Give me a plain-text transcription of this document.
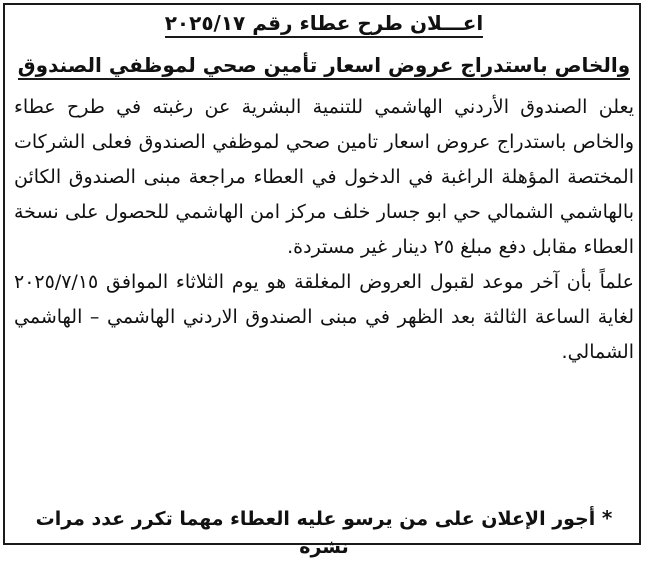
اعـــلان طرح عطاء رقم ٢٠٢٥/١٧
والخاص باستدراج عروض اسعار تأمين صحي لموظفي الصندوق

يعلن الصندوق الأردني الهاشمي للتنمية البشرية عن رغبته في طرح عطاء والخاص باستدراج عروض اسعار تامين صحي لموظفي الصندوق فعلى الشركات المختصة المؤهلة الراغبة في الدخول في العطاء مراجعة مبنى الصندوق الكائن بالهاشمي الشمالي حي ابو جسار خلف مركز امن الهاشمي للحصول على نسخة العطاء مقابل دفع مبلغ ٢٥ دينار غير مستردة.

علماً بأن آخر موعد لقبول العروض المغلقة هو يوم الثلاثاء الموافق ٢٠٢٥/٧/١٥ لغاية الساعة الثالثة بعد الظهر في مبنى الصندوق الاردني الهاشمي – الهاشمي الشمالي.

* أجور الإعلان على من يرسو عليه العطاء مهما تكرر عدد مرات نشره
